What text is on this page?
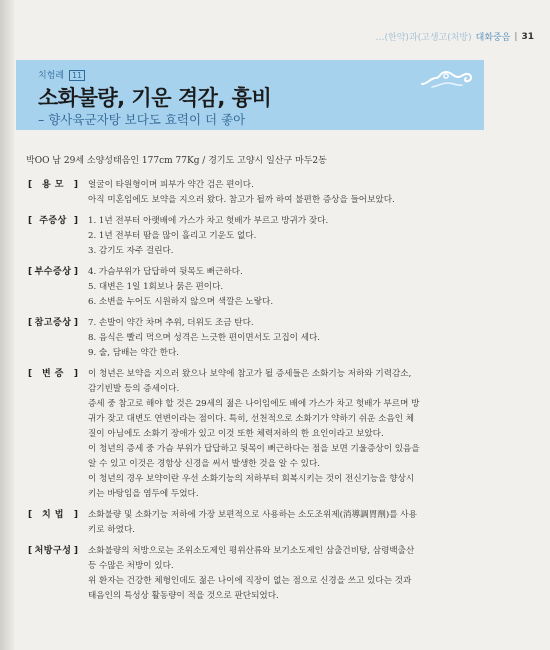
…(한약)과(고생고(처방) 대화중음 | 31
치험례 11
소화불량, 기운 격감, 흉비
– 향사육군자탕 보다도 효력이 더 좋아
박OO 남 29세 소양성태음인 177cm 77Kg / 경기도 고양시 일산구 마두2동
[	용 모	] 얼굴이 타원형이며 피부가 약간 검은 편이다.
아직 미혼임에도 보약을 지으러 왔다. 참고가 될까 하여 불편한 증상을 들어보았다.
[ 주증상 ] 1. 1년 전부터 아랫배에 가스가 차고 헛배가 부르고 방귀가 잦다.
2. 1년 전부터 땀을 많이 흘리고 기운도 없다.
3. 감기도 자주 걸린다.
[ 부수증상 ] 4. 가슴부위가 답답하여 뒷목도 뻐근하다.
5. 대변은 1일 1회보나 묽은 편이다.
6. 소변을 누어도 시원하지 않으며 색깔은 노랗다.
[ 참고증상 ] 7. 손발이 약간 차며 추위, 더위도 조금 탄다.
8. 음식은 빨리 먹으며 성격은 느긋한 편이면서도 고집이 세다.
9. 술, 담배는 약간 한다.
[	변 증	] 이 청년은 보약을 지으러 왔으나 보약에 참고가 될 증세들은 소화기능 저하와 기력감소,
감기빈발 등의 증세이다.
증세 중 참고로 해야 할 것은 29세의 젊은 나이임에도 배에 가스가 차고 헛배가 부르며 방
귀가 잦고 대변도 연변이라는 점이다. 특히, 선천적으로 소화기가 약하기 쉬운 소음인 체
질이 아님에도 소화기 장애가 있고 이것 또한 체력저하의 한 요인이라고 보았다.
이 청년의 증세 중 가슴 부위가 답답하고 뒷목이 뻐근하다는 점을 보면 기울증상이 있음을
알 수 있고 이것은 경함상 신경을 써서 발생한 것을 알 수 있다.
이 청년의 경우 보약이란 우선 소화기능의 저하부터 회복시키는 것이 전신기능을 향상시
키는 바탕임을 염두에 두었다.
[	치 법	] 소화불량 및 소화기능 저하에 가장 보편적으로 사용하는 소도조위제(消導調胃劑)를 사용
키로 하였다.
[ 처방구성 ] 소화불량의 처방으로는 조위소도제인 평위산류와 보기소도제인 삼출건비탕, 삼령백출산
등 수많은 처방이 있다.
위 환자는 건강한 체형인데도 젊은 나이에 직장이 없는 점으로 신경을 쓰고 있다는 것과
태음인의 특성상 활동량이 적을 것으로 판단되었다.
